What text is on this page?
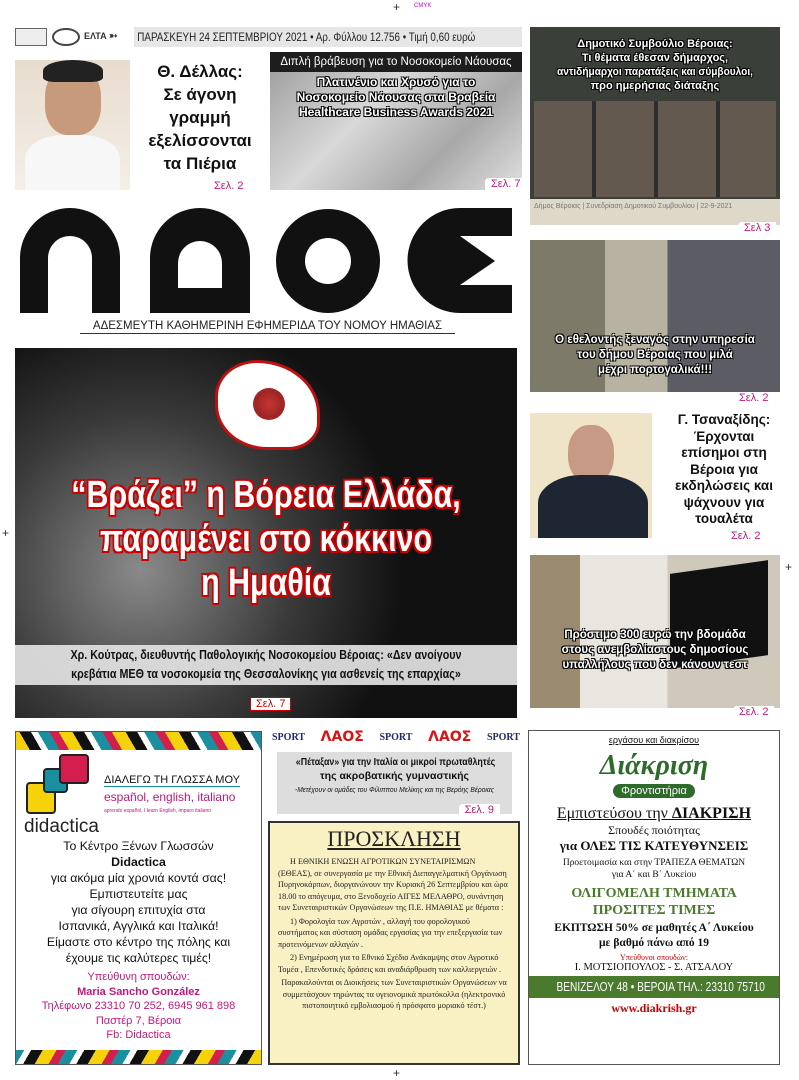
+ CMYK
+
+
+
ΕΛΤΑ ➳ ΠΑΡΑΣΚΕΥΗ 24 ΣΕΠΤΕΜΒΡΙΟΥ 2021 • Αρ. Φύλλου 12.756 • Τιμή 0,60 ευρώ
Θ. Δέλλας:
Σε άγονη
γραμμή
εξελίσσονται
τα Πιέρια
Σελ. 2
Διπλή βράβευση για το Νοσοκομείο Νάουσας
Πλατινένιο και Χρυσό για το
Νοσοκομείο Νάουσας στα Βραβεία
Healthcare Business Awards 2021
Σελ. 7
Δήμος Βέροιας | Συνεδρίαση Δημοτικού Συμβουλίου | 22-9-2021
Δημοτικό Συμβούλιο Βέροιας:
Τι θέματα έθεσαν δήμαρχος,
αντιδήμαρχοι παρατάξεις και σύμβουλοι,
προ ημερήσιας διάταξης
Σελ 3
ΑΔΕΣΜΕΥΤΗ ΚΑΘΗΜΕΡΙΝΗ ΕΦΗΜΕΡΙΔΑ ΤΟΥ ΝΟΜΟΥ ΗΜΑΘΙΑΣ
“Βράζει” η Βόρεια Ελλάδα,
παραμένει στο κόκκινο
η Ημαθία
Χρ. Κούτρας, διευθυντής Παθολογικής Νοσοκομείου Βέροιας: «Δεν ανοίγουν
κρεβάτια ΜΕΘ τα νοσοκομεία της Θεσσαλονίκης για ασθενείς της επαρχίας»
Σελ. 7
Ο εθελοντής ξεναγός στην υπηρεσία
του δήμου Βέροιας που μιλά
μέχρι πορτογαλικά!!!
Σελ. 2
Γ. Τσαναξίδης:
Έρχονται
επίσημοι στη
Βέροια για
εκδηλώσεις και
ψάχνουν για
τουαλέτα
Σελ. 2
Πρόστιμο 300 ευρώ την βδομάδα
στους ανεμβολίαστους δημοσίους
υπαλλήλους που δεν κάνουν τεστ
Σελ. 2
didactica
ΔΙΑΛΕΓΩ ΤΗ ΓΛΩΣΣΑ ΜΟΥ
español, english, italiano
aprendo español, I learn English, imparo italiano
Το Κέντρο Ξένων Γλωσσών
Didactica
για ακόμα μία χρονιά κοντά σας!
Εμπιστευτείτε μας
για σίγουρη επιτυχία στα
Ισπανικά, Αγγλικά και Ιταλικά!
Είμαστε στο κέντρο της πόλης και
έχουμε τις καλύτερες τιμές!
Υπεύθυνη σπουδών:
Maria Sancho González
Τηλέφωνο 23310 70 252, 6945 961 898
Παστέρ 7, Βέροια
Fb: Didactica
SPORT ΛΑΟΣ SPORT ΛΑΟΣ SPORT
«Πέταξαν» για την Ιταλία οι μικροί πρωταθλητές
της ακροβατικής γυμναστικής
-Μετέχουν οι ομάδες του Φίλιππου Μελίκης και της Βερόης Βέροιας
Σελ. 9
ΠΡΟΣΚΛΗΣΗ

Η ΕΘΝΙΚΗ ΕΝΩΣΗ ΑΓΡΟΤΙΚΩΝ ΣΥΝΕΤΑΙΡΙΣΜΩΝ (ΕΘΕΑΣ), σε συνεργασία με την Εθνική Διεπαγγελματική Οργάνωση Πυρηνοκάρπων, διοργανώνουν την Κυριακή 26 Σεπτεμβρίου και ώρα 18.00 το απόγευμα, στο Ξενοδοχείο ΑΙΓΕΣ ΜΕΛΑΘΡΟ, συνάντηση των Συνεταιριστικών Οργανώσεων της Π.Ε. ΗΜΑΘΙΑΣ με θέματα :

1) Φορολογία των Αγροτών , αλλαγή του φορολογικού συστήματος και σύσταση ομάδας εργασίας για την επεξεργασία των προτεινόμενων αλλαγών .

2) Ενημέρωση για το Εθνικό Σχέδιο Ανάκαμψης στον Αγροτικό Τομέα , Επενδυτικές δράσεις και αναδιάρθρωση των καλλιεργειών .

Παρακαλούνται οι Διοικήσεις των Συνεταιριστικών Οργανώσεων να συμμετάσχουν τηρώντας τα υγειονομικά πρωτόκολλα (ηλεκτρονικό πιστοποιητικό εμβολιασμού ή πρόσφατο μοριακό τέστ.)

εργάσου και διακρίσου
Διάκριση
Φροντιστήρια
Εμπιστεύσου την ΔΙΑΚΡΙΣΗ
Σπουδές ποιότητας
για ΟΛΕΣ ΤΙΣ ΚΑΤΕΥΘΥΝΣΕΙΣ
Προετοιμασία και στην ΤΡΑΠΕΖΑ ΘΕΜΑΤΩΝ
για Α΄ και Β΄ Λυκείου
ΟΛΙΓΟΜΕΛΗ ΤΜΗΜΑΤΑ
ΠΡΟΣΙΤΕΣ ΤΙΜΕΣ
ΕΚΠΤΩΣΗ 50% σε μαθητές Α΄ Λυκείου
με βαθμό πάνω από 19
Υπεύθυνοι σπουδών:
Ι. ΜΟΤΣΙΟΠΟΥΛΟΣ - Σ. ΑΤΣΑΛΟΥ
ΒΕΝΙΖΕΛΟΥ 48 • ΒΕΡΟΙΑ ΤΗΛ.: 23310 75710
www.diakrish.gr
